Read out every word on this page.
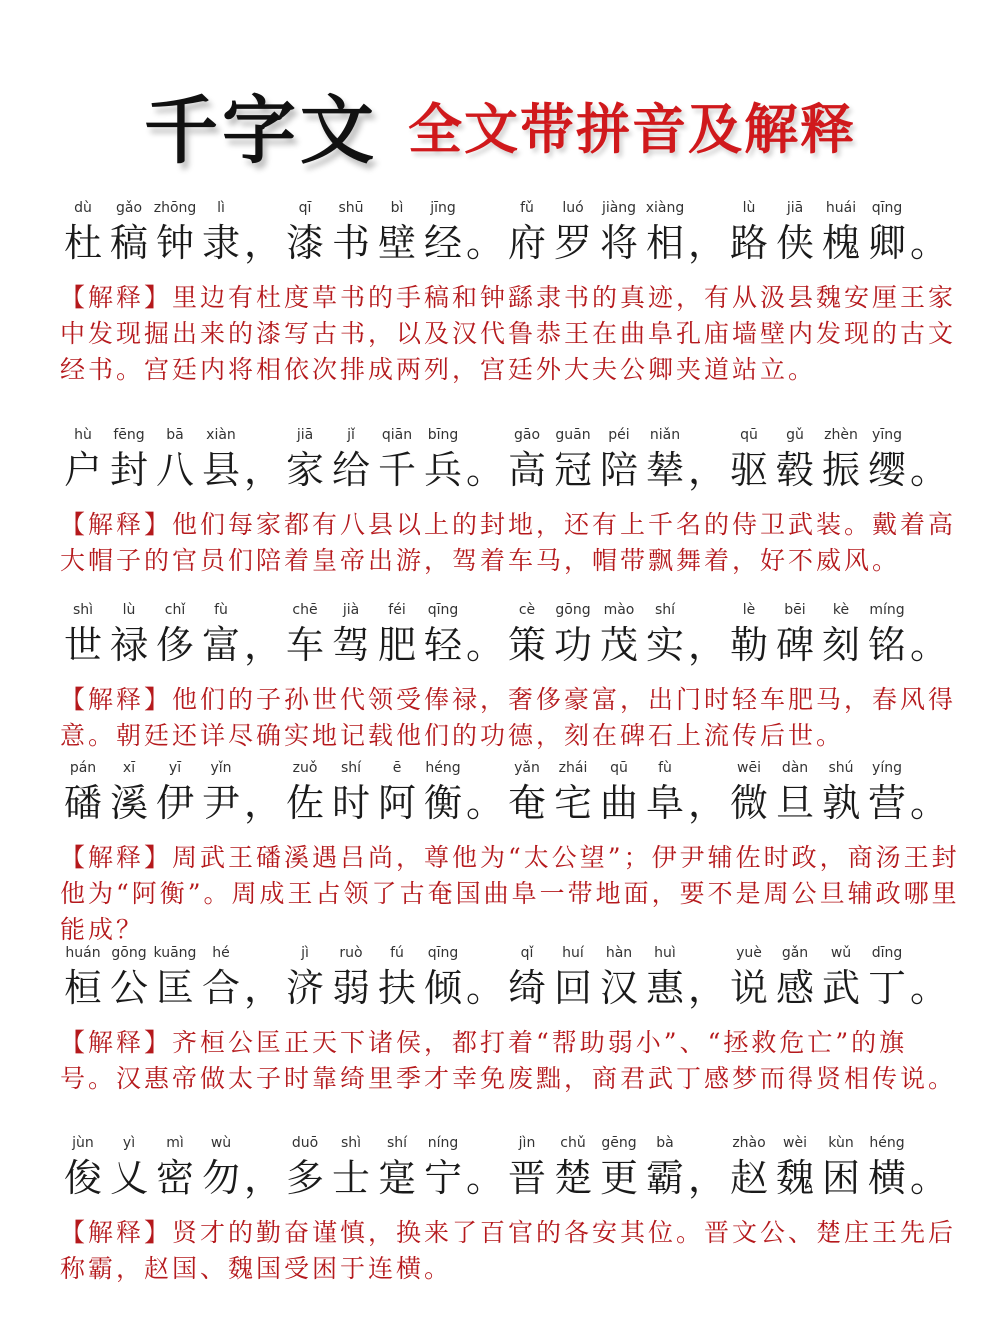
千字文 全文带拼音及解释
dù
杜
gǎo
稿
zhōng
钟
lì
隶 ，
qī
漆
shū
书
bì
壁
jīng
经 。
fǔ
府
luó
罗
jiàng
将
xiàng
相 ，
lù
路
jiā
侠
huái
槐
qīng
卿 。
【解释】里边有杜度草书的手稿和钟繇隶书的真迹，有从汲县魏安厘王家中发现掘出来的漆写古书，以及汉代鲁恭王在曲阜孔庙墙壁内发现的古文经书。宫廷内将相依次排成两列，宫廷外大夫公卿夹道站立。
hù
户
fēng
封
bā
八
xiàn
县 ，
jiā
家
jǐ
给
qiān
千
bīng
兵 。
gāo
高
guān
冠
péi
陪
niǎn
辇 ，
qū
驱
gǔ
毂
zhèn
振
yīng
缨 。
【解释】他们每家都有八县以上的封地，还有上千名的侍卫武装。戴着高大帽子的官员们陪着皇帝出游，驾着车马，帽带飘舞着，好不威风。
shì
世
lù
禄
chǐ
侈
fù
富 ，
chē
车
jià
驾
féi
肥
qīng
轻 。
cè
策
gōng
功
mào
茂
shí
实 ，
lè
勒
bēi
碑
kè
刻
míng
铭 。
【解释】他们的子孙世代领受俸禄，奢侈豪富，出门时轻车肥马，春风得意。朝廷还详尽确实地记载他们的功德，刻在碑石上流传后世。
pán
磻
xī
溪
yī
伊
yǐn
尹 ，
zuǒ
佐
shí
时
ē
阿
héng
衡 。
yǎn
奄
zhái
宅
qū
曲
fù
阜 ，
wēi
微
dàn
旦
shú
孰
yíng
营 。
【解释】周武王磻溪遇吕尚，尊他为“太公望”；伊尹辅佐时政，商汤王封他为“阿衡”。周成王占领了古奄国曲阜一带地面，要不是周公旦辅政哪里能成？
huán
桓
gōng
公
kuāng
匡
hé
合 ，
jì
济
ruò
弱
fú
扶
qīng
倾 。
qǐ
绮
huí
回
hàn
汉
huì
惠 ，
yuè
说
gǎn
感
wǔ
武
dīng
丁 。
【解释】齐桓公匡正天下诸侯，都打着“帮助弱小”、“拯救危亡”的旗号。汉惠帝做太子时靠绮里季才幸免废黜，商君武丁感梦而得贤相传说。
jùn
俊
yì
乂
mì
密
wù
勿 ，
duō
多
shì
士
shí
寔
níng
宁 。
jìn
晋
chǔ
楚
gēng
更
bà
霸 ，
zhào
赵
wèi
魏
kùn
困
héng
横 。
【解释】贤才的勤奋谨慎，换来了百官的各安其位。晋文公、楚庄王先后称霸，赵国、魏国受困于连横。
